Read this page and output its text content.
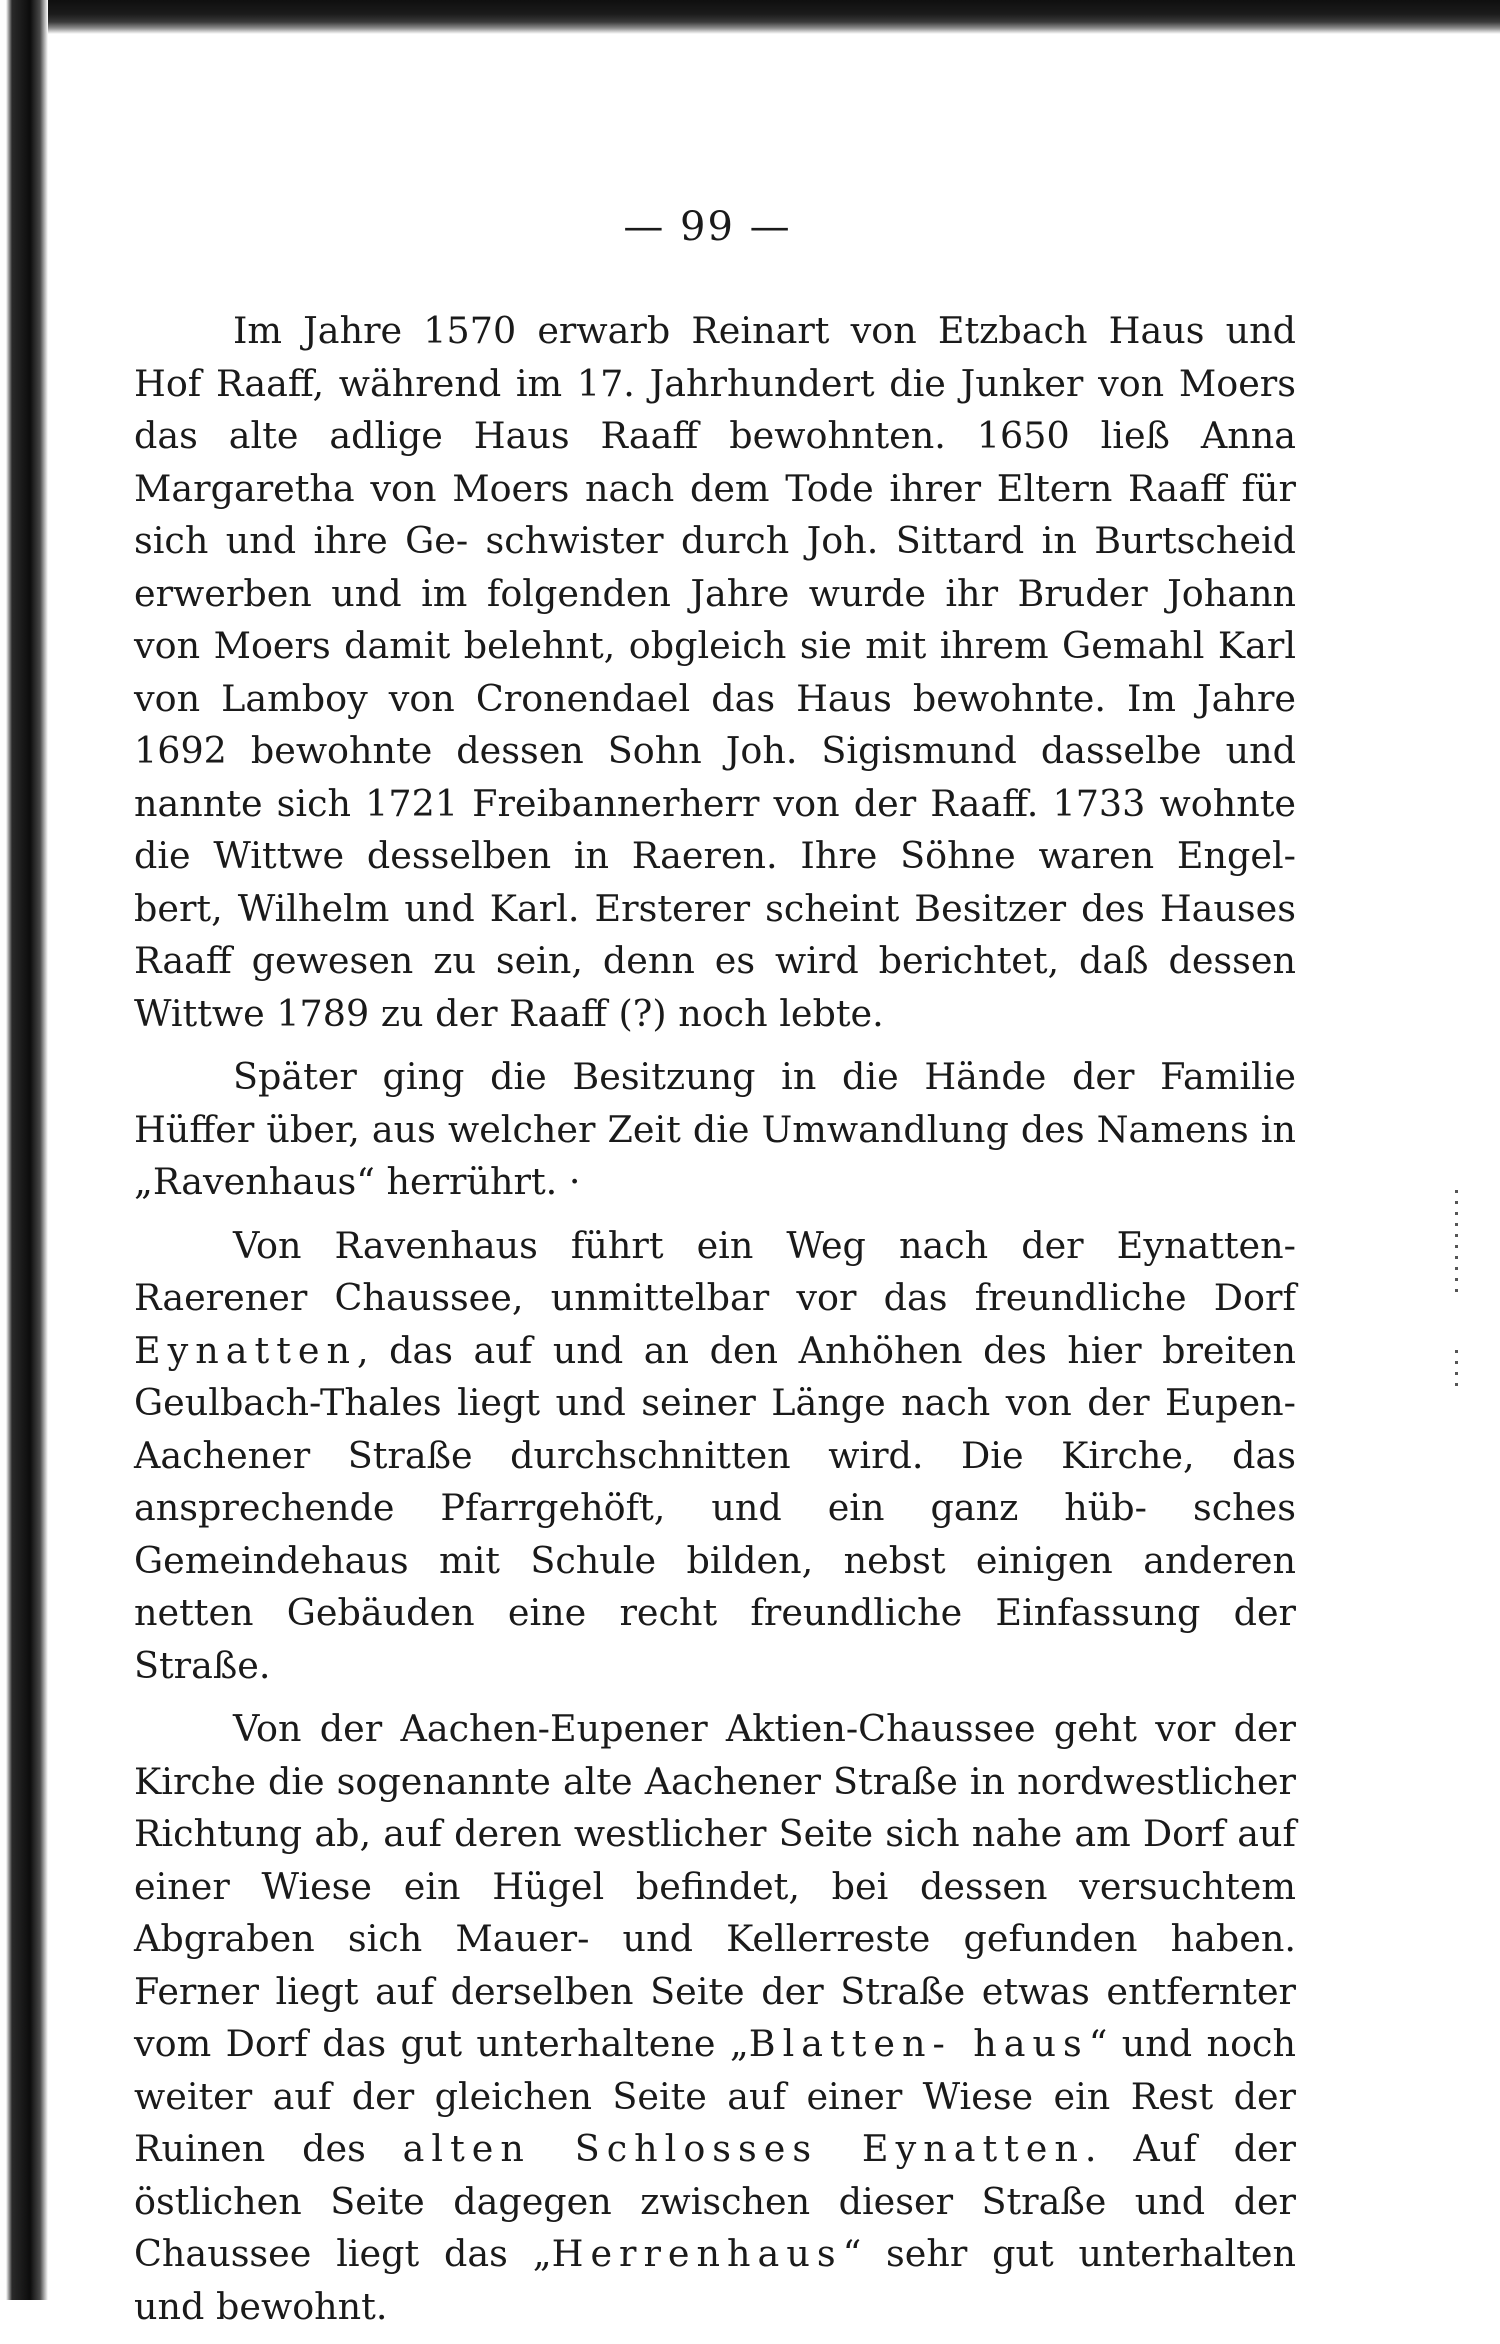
— 99 —

Im Jahre 1570 erwarb Reinart von Etzbach Haus und Hof Raaff, während im 17. Jahrhundert die Junker von Moers das alte adlige Haus Raaff bewohnten. 1650 ließ Anna Margaretha von Moers nach dem Tode ihrer Eltern Raaff für sich und ihre Ge- schwister durch Joh. Sittard in Burtscheid erwerben und im folgenden Jahre wurde ihr Bruder Johann von Moers damit belehnt, obgleich sie mit ihrem Gemahl Karl von Lamboy von Cronendael das Haus bewohnte. Im Jahre 1692 bewohnte dessen Sohn Joh. Sigismund dasselbe und nannte sich 1721 Freibannerherr von der Raaff. 1733 wohnte die Wittwe desselben in Raeren. Ihre Söhne waren Engel- bert, Wilhelm und Karl. Ersterer scheint Besitzer des Hauses Raaff gewesen zu sein, denn es wird berichtet, daß dessen Wittwe 1789 zu der Raaff (?) noch lebte.

Später ging die Besitzung in die Hände der Familie Hüffer über, aus welcher Zeit die Umwandlung des Namens in „Ravenhaus“ herrührt. ·

Von Ravenhaus führt ein Weg nach der Eynatten-Raerener Chaussee, unmittelbar vor das freundliche Dorf Eynatten, das auf und an den Anhöhen des hier breiten Geulbach-Thales liegt und seiner Länge nach von der Eupen-Aachener Straße durchschnitten wird. Die Kirche, das ansprechende Pfarrgehöft, und ein ganz hüb- sches Gemeindehaus mit Schule bilden, nebst einigen anderen netten Gebäuden eine recht freundliche Einfassung der Straße.

Von der Aachen-Eupener Aktien-Chaussee geht vor der Kirche die sogenannte alte Aachener Straße in nordwestlicher Richtung ab, auf deren westlicher Seite sich nahe am Dorf auf einer Wiese ein Hügel befindet, bei dessen versuchtem Abgraben sich Mauer- und Kellerreste gefunden haben. Ferner liegt auf derselben Seite der Straße etwas entfernter vom Dorf das gut unterhaltene „Blatten- haus“ und noch weiter auf der gleichen Seite auf einer Wiese ein Rest der Ruinen des alten Schlosses Eynatten. Auf der östlichen Seite dagegen zwischen dieser Straße und der Chaussee liegt das „Herrenhaus“ sehr gut unterhalten und bewohnt.
